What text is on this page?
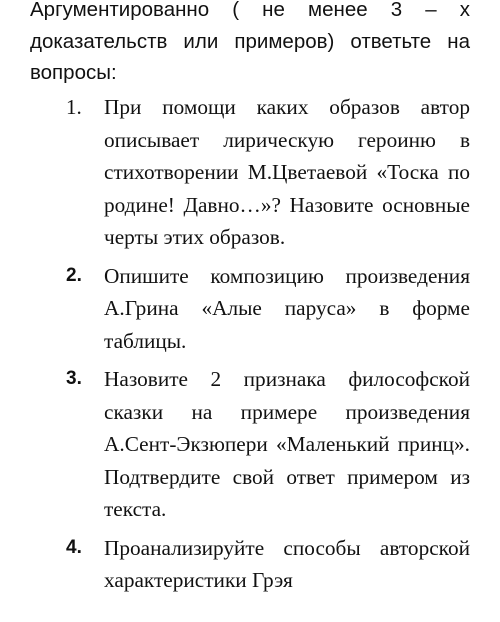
Аргументированно ( не менее 3 – х доказательств или примеров) ответьте на вопросы:

1. При помощи каких образов автор описывает лирическую героиню в стихотворении М.Цветаевой «Тоска по родине! Давно…»? Назовите основные черты этих образов.
2. Опишите композицию произведения А.Грина «Алые паруса» в форме таблицы.
3. Назовите 2 признака философской сказки на примере произведения А.Сент-Экзюпери «Маленький принц». Подтвердите свой ответ примером из текста.
4. Проанализируйте способы авторской характеристики Грэя
